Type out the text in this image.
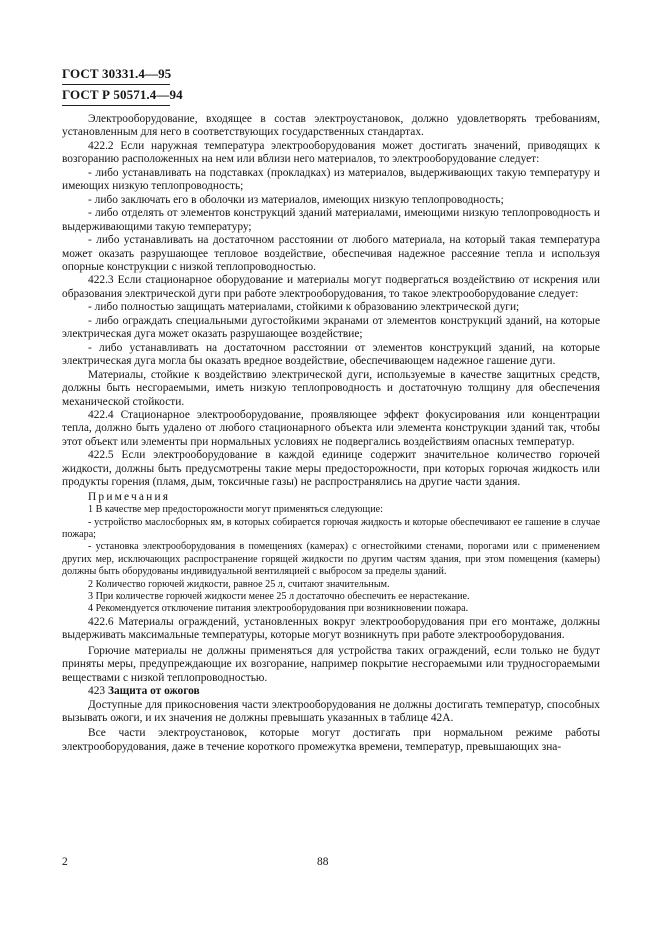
ГОСТ 30331.4—95
ГОСТ Р 50571.4—94

Электрооборудование, входящее в состав электроустановок, должно удовлетворять требованиям, установленным для него в соответствующих государственных стандартах.

422.2 Если наружная температура электрооборудования может достигать значений, приводящих к возгоранию расположенных на нем или вблизи него материалов, то электрооборудование следует:

- либо устанавливать на подставках (прокладках) из материалов, выдерживающих такую температуру и имеющих низкую теплопроводность;

- либо заключать его в оболочки из материалов, имеющих низкую теплопроводность;

- либо отделять от элементов конструкций зданий материалами, имеющими низкую теплопроводность и выдерживающими такую температуру;

- либо устанавливать на достаточном расстоянии от любого материала, на который такая температура может оказать разрушающее тепловое воздействие, обеспечивая надежное рассеяние тепла и используя опорные конструкции с низкой теплопроводностью.

422.3 Если стационарное оборудование и материалы могут подвергаться воздействию от искрения или образования электрической дуги при работе электрооборудования, то такое электрооборудование следует:

- либо полностью защищать материалами, стойкими к образованию электрической дуги;

- либо ограждать специальными дугостойкими экранами от элементов конструкций зданий, на которые электрическая дуга может оказать разрушающее воздействие;

- либо устанавливать на достаточном расстоянии от элементов конструкций зданий, на которые электрическая дуга могла бы оказать вредное воздействие, обеспечивающем надежное гашение дуги.

Материалы, стойкие к воздействию электрической дуги, используемые в качестве защитных средств, должны быть несгораемыми, иметь низкую теплопроводность и достаточную толщину для обеспечения механической стойкости.

422.4 Стационарное электрооборудование, проявляющее эффект фокусирования или концентрации тепла, должно быть удалено от любого стационарного объекта или элемента конструкции зданий так, чтобы этот объект или элементы при нормальных условиях не подвергались воздействиям опасных температур.

422.5 Если электрооборудование в каждой единице содержит значительное количество горючей жидкости, должны быть предусмотрены такие меры предосторожности, при которых горючая жидкость или продукты горения (пламя, дым, токсичные газы) не распространялись на другие части здания.

Примечания

1 В качестве мер предосторожности могут применяться следующие:

- устройство маслосборных ям, в которых собирается горючая жидкость и которые обеспечивают ее гашение в случае пожара;

- установка электрооборудования в помещениях (камерах) с огнестойкими стенами, порогами или с применением других мер, исключающих распространение горящей жидкости по другим частям здания, при этом помещения (камеры) должны быть оборудованы индивидуальной вентиляцией с выбросом за пределы зданий.

2 Количество горючей жидкости, равное 25 л, считают значительным.

3 При количестве горючей жидкости менее 25 л достаточно обеспечить ее нерастекание.

4 Рекомендуется отключение питания электрооборудования при возникновении пожара.

422.6 Материалы ограждений, установленных вокруг электрооборудования при его монтаже, должны выдерживать максимальные температуры, которые могут возникнуть при работе электрооборудования.

Горючие материалы не должны применяться для устройства таких ограждений, если только не будут приняты меры, предупреждающие их возгорание, например покрытие несгораемыми или трудносгораемыми веществами с низкой теплопроводностью.

423 Защита от ожогов

Доступные для прикосновения части электрооборудования не должны достигать температур, способных вызывать ожоги, и их значения не должны превышать указанных в таблице 42А.

Все части электроустановок, которые могут достигать при нормальном режиме работы электрооборудования, даже в течение короткого промежутка времени, температур, превышающих зна-

2	88
